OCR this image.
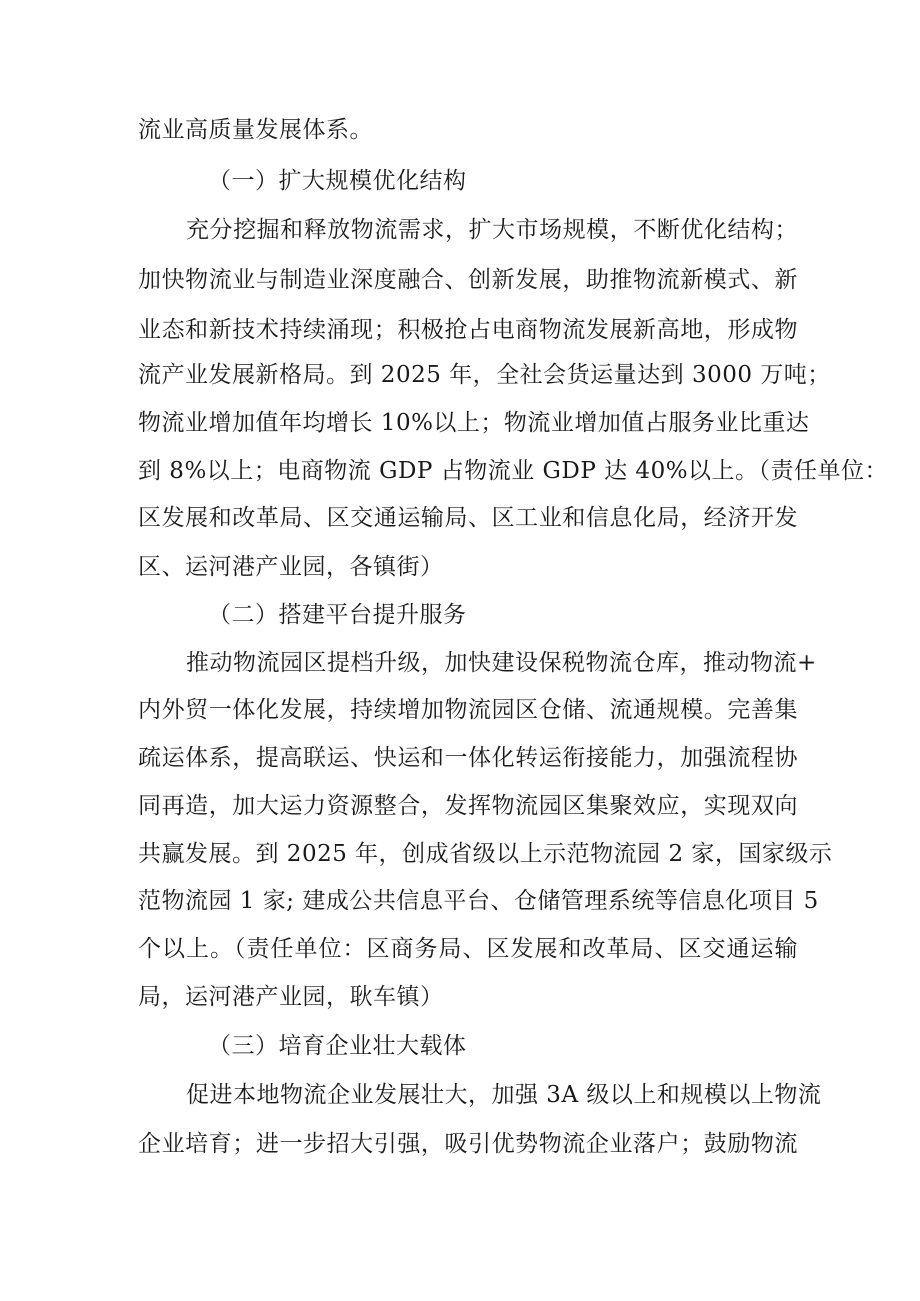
流业高质量发展体系。
（一）扩大规模优化结构
充分挖掘和释放物流需求，扩大市场规模，不断优化结构；
加快物流业与制造业深度融合、创新发展，助推物流新模式、新
业态和新技术持续涌现；积极抢占电商物流发展新高地，形成物
流产业发展新格局。到 2025 年，全社会货运量达到 3000 万吨；
物流业增加值年均增长 10%以上；物流业增加值占服务业比重达
到 8%以上；电商物流 GDP 占物流业 GDP 达 40%以上。（责任单位：
区发展和改革局、区交通运输局、区工业和信息化局，经济开发
区、运河港产业园，各镇街）
（二）搭建平台提升服务
推动物流园区提档升级，加快建设保税物流仓库，推动物流+
内外贸一体化发展，持续增加物流园区仓储、流通规模。完善集
疏运体系，提高联运、快运和一体化转运衔接能力，加强流程协
同再造，加大运力资源整合，发挥物流园区集聚效应，实现双向
共赢发展。到 2025 年，创成省级以上示范物流园 2 家，国家级示
范物流园 1 家; 建成公共信息平台、仓储管理系统等信息化项目 5
个以上。（责任单位：区商务局、区发展和改革局、区交通运输
局，运河港产业园，耿车镇）
（三）培育企业壮大载体
促进本地物流企业发展壮大，加强 3A 级以上和规模以上物流
企业培育；进一步招大引强，吸引优势物流企业落户；鼓励物流
